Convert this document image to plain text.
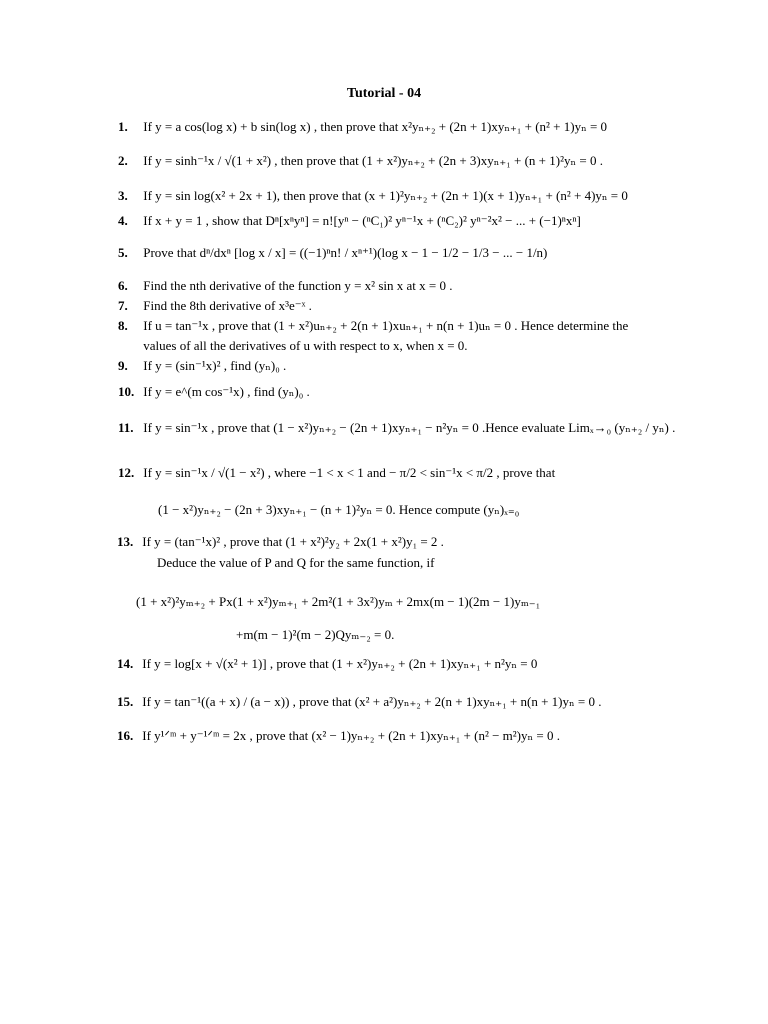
Tutorial - 04
1. If y = a cos(log x) + b sin(log x) , then prove that x²yₙ₊₂ + (2n + 1)xyₙ₊₁ + (n² + 1)yₙ = 0
2. If y = sinh⁻¹x / √(1 + x²) , then prove that (1 + x²)yₙ₊₂ + (2n + 3)xyₙ₊₁ + (n + 1)²yₙ = 0 .
3. If y = sin log(x² + 2x + 1), then prove that (x + 1)²yₙ₊₂ + (2n + 1)(x + 1)yₙ₊₁ + (n² + 4)yₙ = 0
4. If x + y = 1 , show that Dⁿ[xⁿyⁿ] = n![yⁿ − (ⁿC₁)² yⁿ⁻¹x + (ⁿC₂)² yⁿ⁻²x² − ... + (−1)ⁿxⁿ]
5. Prove that dⁿ/dxⁿ [log x / x] = ((−1)ⁿn! / xⁿ⁺¹)(log x − 1 − 1/2 − 1/3 − ... − 1/n)
6. Find the nth derivative of the function y = x² sin x at x = 0 .
7. Find the 8th derivative of x³e⁻ˣ .
8. If u = tan⁻¹x , prove that (1 + x²)uₙ₊₂ + 2(n + 1)xuₙ₊₁ + n(n + 1)uₙ = 0 . Hence determine the
values of all the derivatives of u with respect to x, when x = 0.
9. If y = (sin⁻¹x)² , find (yₙ)₀ .
10. If y = e^(m cos⁻¹x) , find (yₙ)₀ .
11. If y = sin⁻¹x , prove that (1 − x²)yₙ₊₂ − (2n + 1)xyₙ₊₁ − n²yₙ = 0 .Hence evaluate Limₓ→₀ (yₙ₊₂ / yₙ) .
12. If y = sin⁻¹x / √(1 − x²) , where −1 < x < 1 and − π/2 < sin⁻¹x < π/2 , prove that
(1 − x²)yₙ₊₂ − (2n + 3)xyₙ₊₁ − (n + 1)²yₙ = 0. Hence compute (yₙ)ₓ₌₀
13. If y = (tan⁻¹x)² , prove that (1 + x²)²y₂ + 2x(1 + x²)y₁ = 2 .
Deduce the value of P and Q for the same function, if
(1 + x²)²yₘ₊₂ + Px(1 + x²)yₘ₊₁ + 2m²(1 + 3x²)yₘ + 2mx(m − 1)(2m − 1)yₘ₋₁
+m(m − 1)²(m − 2)Qyₘ₋₂ = 0.
14. If y = log[x + √(x² + 1)] , prove that (1 + x²)yₙ₊₂ + (2n + 1)xyₙ₊₁ + n²yₙ = 0
15. If y = tan⁻¹((a + x) / (a − x)) , prove that (x² + a²)yₙ₊₂ + 2(n + 1)xyₙ₊₁ + n(n + 1)yₙ = 0 .
16. If y¹ᐟᵐ + y⁻¹ᐟᵐ = 2x , prove that (x² − 1)yₙ₊₂ + (2n + 1)xyₙ₊₁ + (n² − m²)yₙ = 0 .
